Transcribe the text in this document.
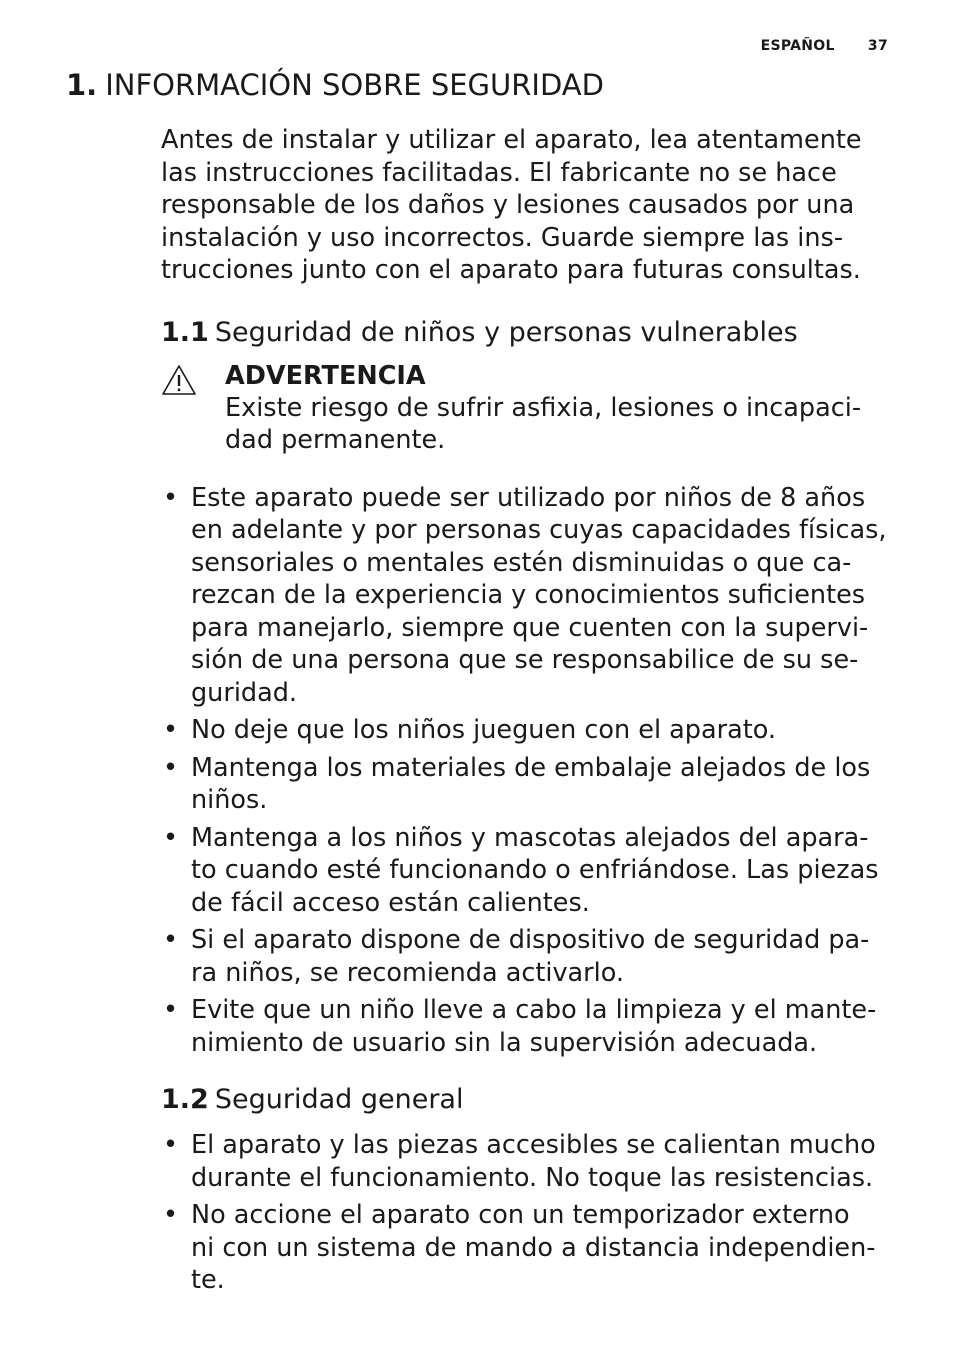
ESPAÑOL 37
1. INFORMACIÓN SOBRE SEGURIDAD

Antes de instalar y utilizar el aparato, lea atentamente
las instrucciones facilitadas. El fabricante no se hace
responsable de los daños y lesiones causados por una
instalación y uso incorrectos. Guarde siempre las ins-
trucciones junto con el aparato para futuras consultas.

1.1 Seguridad de niños y personas vulnerables
ADVERTENCIA
Existe riesgo de sufrir asfixia, lesiones o incapaci-
dad permanente.
• Este aparato puede ser utilizado por niños de 8 años
en adelante y por personas cuyas capacidades físicas,
sensoriales o mentales estén disminuidas o que ca-
rezcan de la experiencia y conocimientos suficientes
para manejarlo, siempre que cuenten con la supervi-
sión de una persona que se responsabilice de su se-
guridad.
• No deje que los niños jueguen con el aparato.
• Mantenga los materiales de embalaje alejados de los
niños.
• Mantenga a los niños y mascotas alejados del apara-
to cuando esté funcionando o enfriándose. Las piezas
de fácil acceso están calientes.
• Si el aparato dispone de dispositivo de seguridad pa-
ra niños, se recomienda activarlo.
• Evite que un niño lleve a cabo la limpieza y el mante-
nimiento de usuario sin la supervisión adecuada.
1.2 Seguridad general
• El aparato y las piezas accesibles se calientan mucho
durante el funcionamiento. No toque las resistencias.
• No accione el aparato con un temporizador externo
ni con un sistema de mando a distancia independien-
te.
